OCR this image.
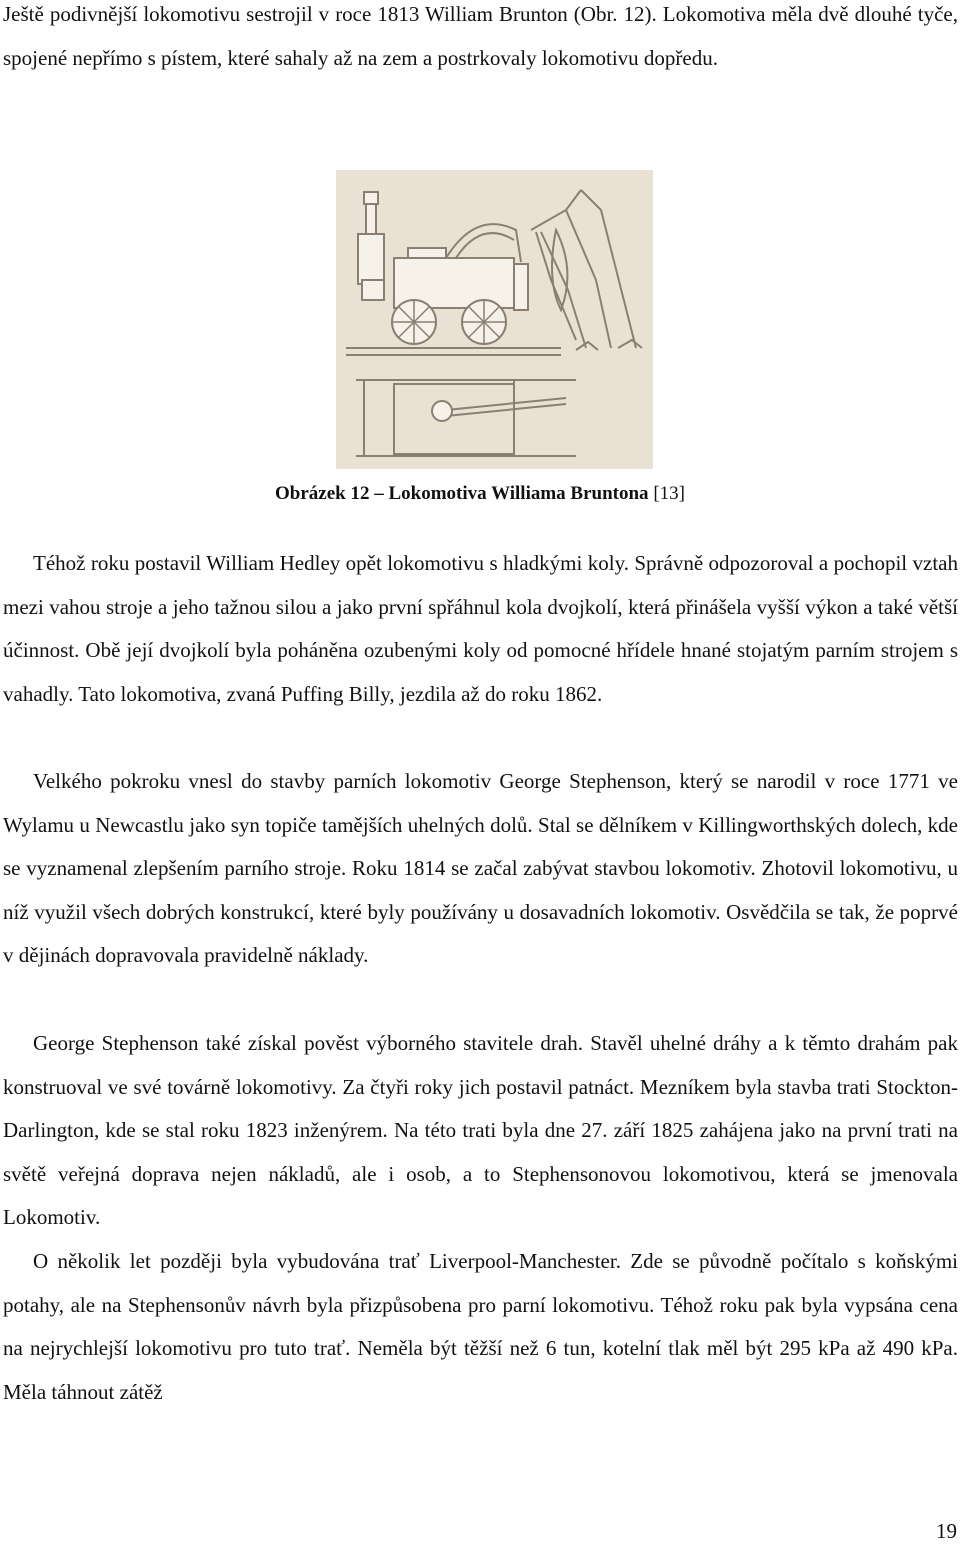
Ještě podivnější lokomotivu sestrojil v roce 1813 William Brunton (Obr. 12). Lokomotiva měla dvě dlouhé tyče, spojené nepřímo s pístem, které sahaly až na zem a postrkovaly lokomotivu dopředu.

Obrázek 12 – Lokomotiva Williama Bruntona [13]

Téhož roku postavil William Hedley opět lokomotivu s hladkými koly. Správně odpozoroval a pochopil vztah mezi vahou stroje a jeho tažnou silou a jako první spřáhnul kola dvojkolí, která přinášela vyšší výkon a také větší účinnost. Obě její dvojkolí byla poháněna ozubenými koly od pomocné hřídele hnané stojatým parním strojem s vahadly. Tato lokomotiva, zvaná Puffing Billy, jezdila až do roku 1862.

Velkého pokroku vnesl do stavby parních lokomotiv George Stephenson, který se narodil v roce 1771 ve Wylamu u Newcastlu jako syn topiče tamějších uhelných dolů. Stal se dělníkem v Killingworthských dolech, kde se vyznamenal zlepšením parního stroje. Roku 1814 se začal zabývat stavbou lokomotiv. Zhotovil lokomotivu, u níž využil všech dobrých konstrukcí, které byly používány u dosavadních lokomotiv. Osvědčila se tak, že poprvé v dějinách dopravovala pravidelně náklady.

George Stephenson také získal pověst výborného stavitele drah. Stavěl uhelné dráhy a k těmto drahám pak konstruoval ve své továrně lokomotivy. Za čtyři roky jich postavil patnáct. Mezníkem byla stavba trati Stockton-Darlington, kde se stal roku 1823 inženýrem. Na této trati byla dne 27. září 1825 zahájena jako na první trati na světě veřejná doprava nejen nákladů, ale i osob, a to Stephensonovou lokomotivou, která se jmenovala Lokomotiv.

O několik let později byla vybudována trať Liverpool-Manchester. Zde se původně počítalo s koňskými potahy, ale na Stephensonův návrh byla přizpůsobena pro parní lokomotivu. Téhož roku pak byla vypsána cena na nejrychlejší lokomotivu pro tuto trať. Neměla být těžší než 6 tun, kotelní tlak měl být 295 kPa až 490 kPa. Měla táhnout zátěž

19
